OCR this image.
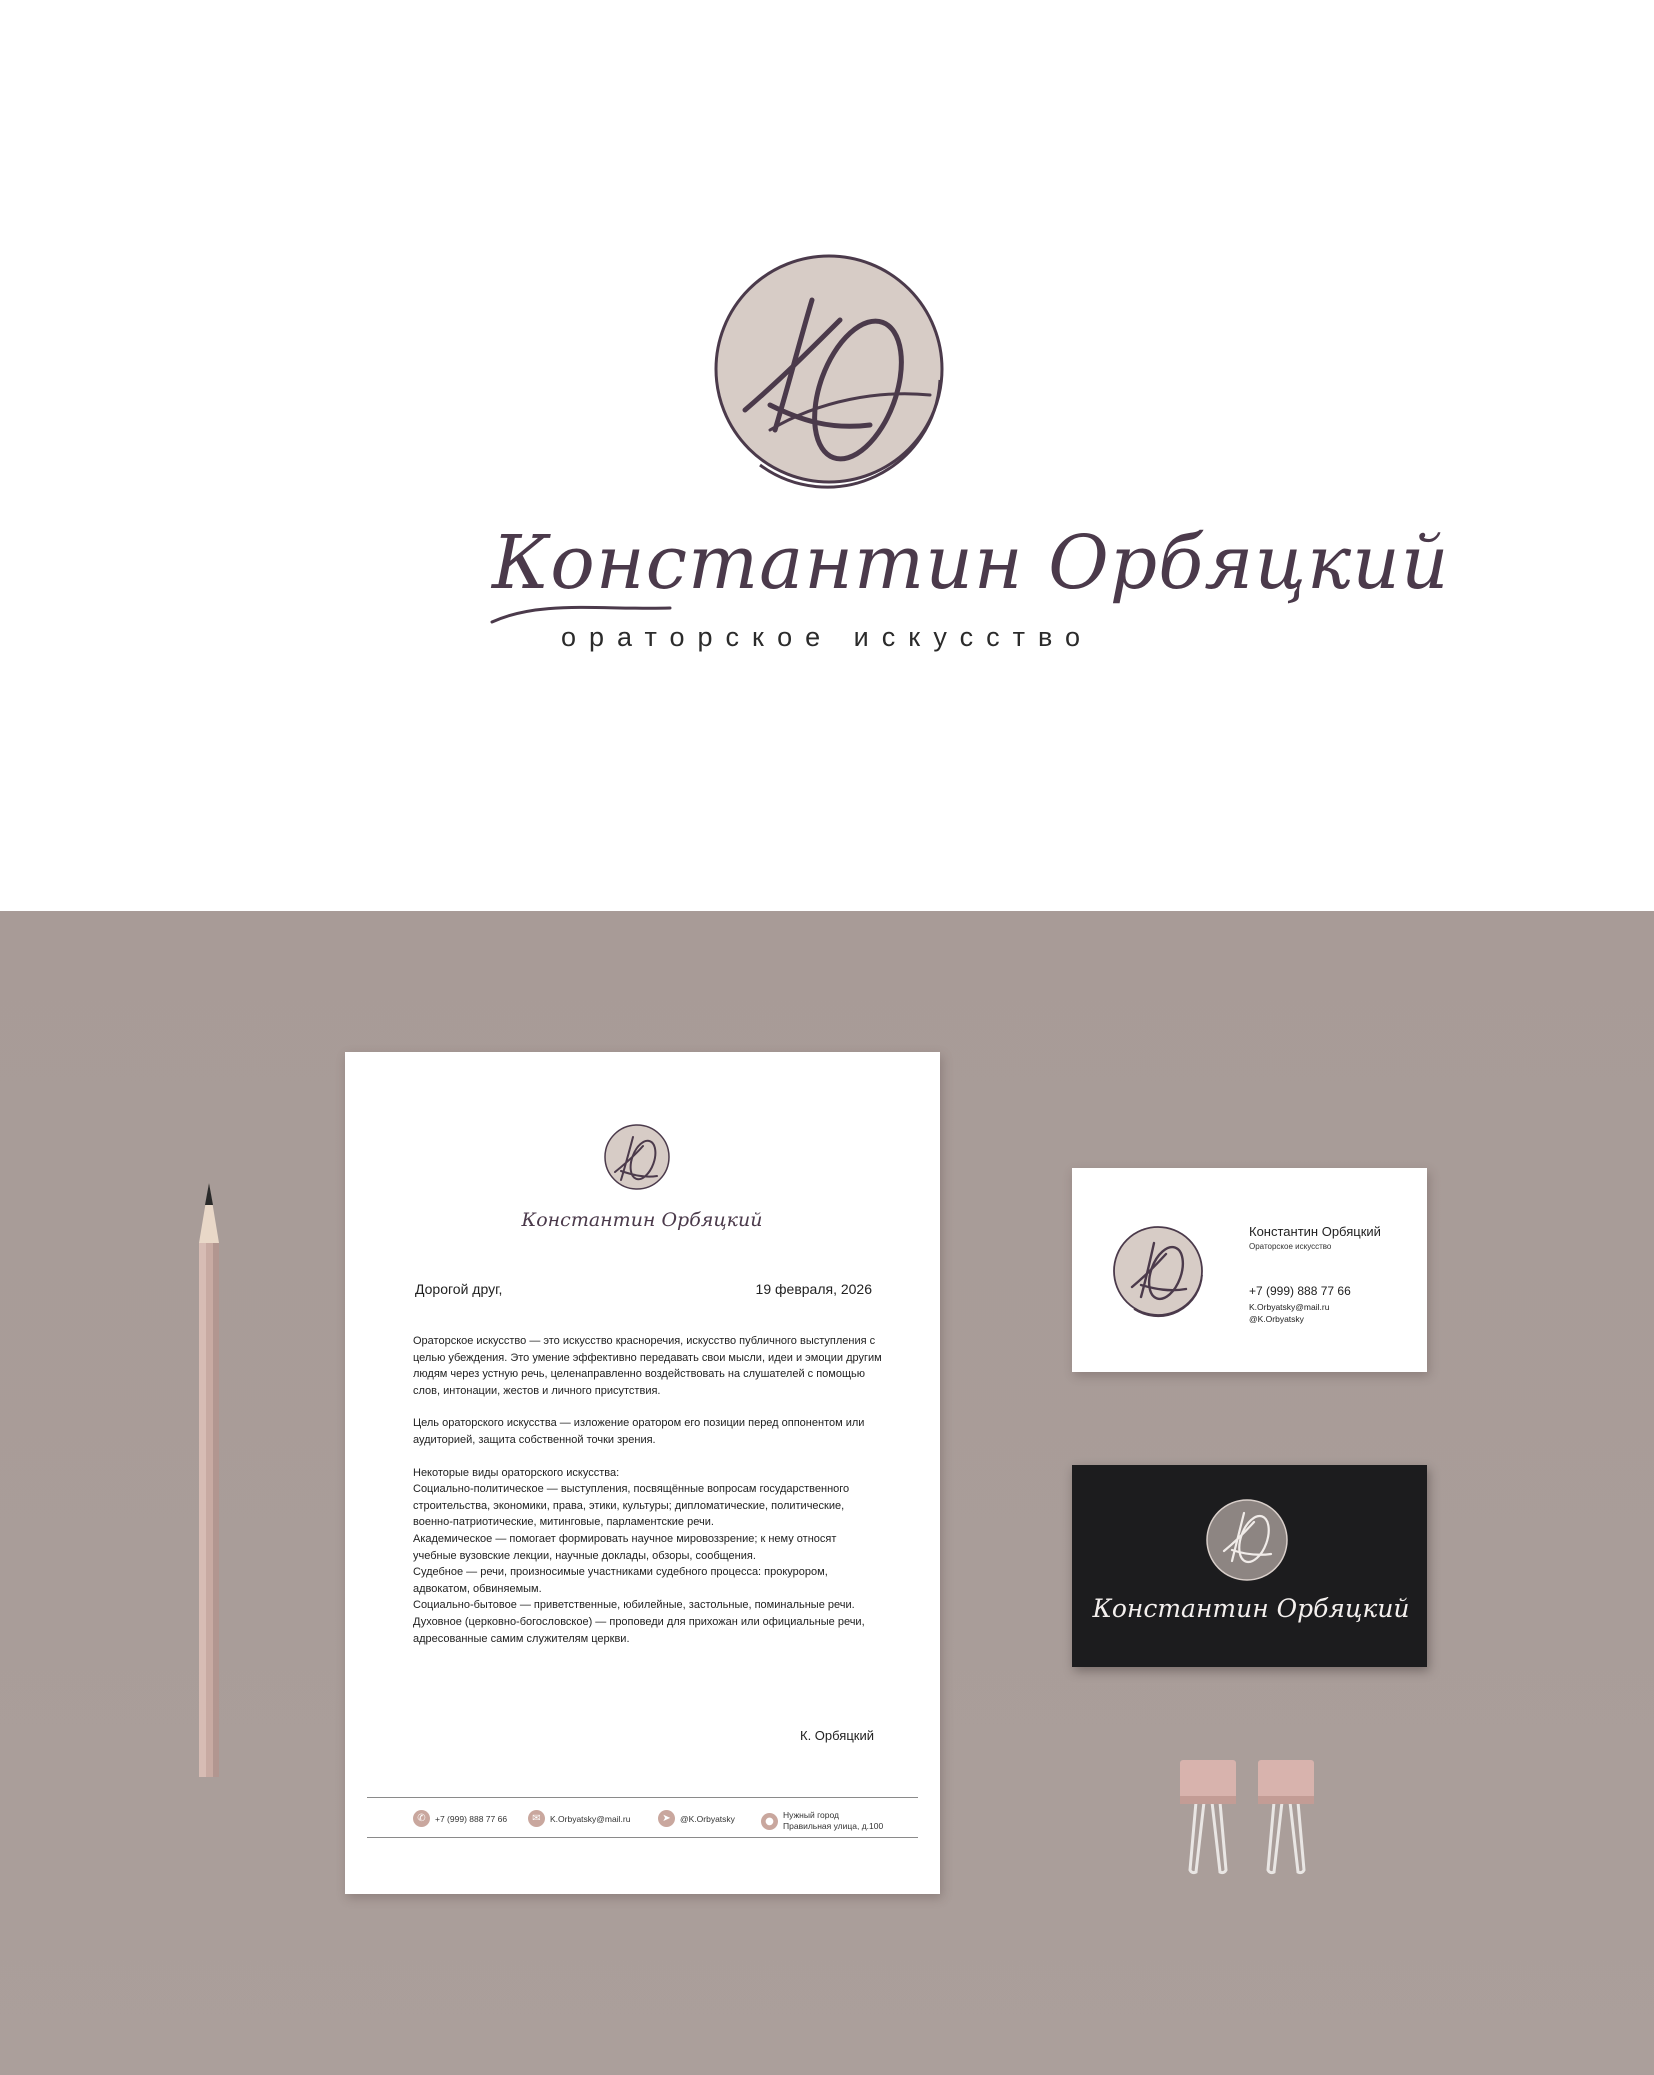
Константин Орбяцкий
ораторское искусство
Константин Орбяцкий
Дорогой друг,	19 февраля, 2026

Ораторское искусство — это искусство красноречия, искусство публичного выступления с целью убеждения. Это умение эффективно передавать свои мысли, идеи и эмоции другим людям через устную речь, целенаправленно воздействовать на слушателей с помощью слов, интонации, жестов и личного присутствия.

Цель ораторского искусства — изложение оратором его позиции перед оппонентом или аудиторией, защита собственной точки зрения.

Некоторые виды ораторского искусства:
Социально-политическое — выступления, посвящённые вопросам государственного строительства, экономики, права, этики, культуры; дипломатические, политические, военно-патриотические, митинговые, парламентские речи.
Академическое — помогает формировать научное мировоззрение; к нему относят учебные вузовские лекции, научные доклады, обзоры, сообщения.
Судебное — речи, произносимые участниками судебного процесса: прокурором, адвокатом, обвиняемым.
Социально-бытовое — приветственные, юбилейные, застольные, поминальные речи.
Духовное (церковно-богословское) — проповеди для прихожан или официальные речи, адресованные самим служителям церкви.

К. Орбяцкий
✆	+7 (999) 888 77 66	✉	K.Orbyatsky@mail.ru	➤	@K.Orbyatsky	●
Нужный город
Правильная улица, д.100
Константин Орбяцкий
Ораторское искусство
+7 (999) 888 77 66
K.Orbyatsky@mail.ru
@K.Orbyatsky
Константин Орбяцкий
